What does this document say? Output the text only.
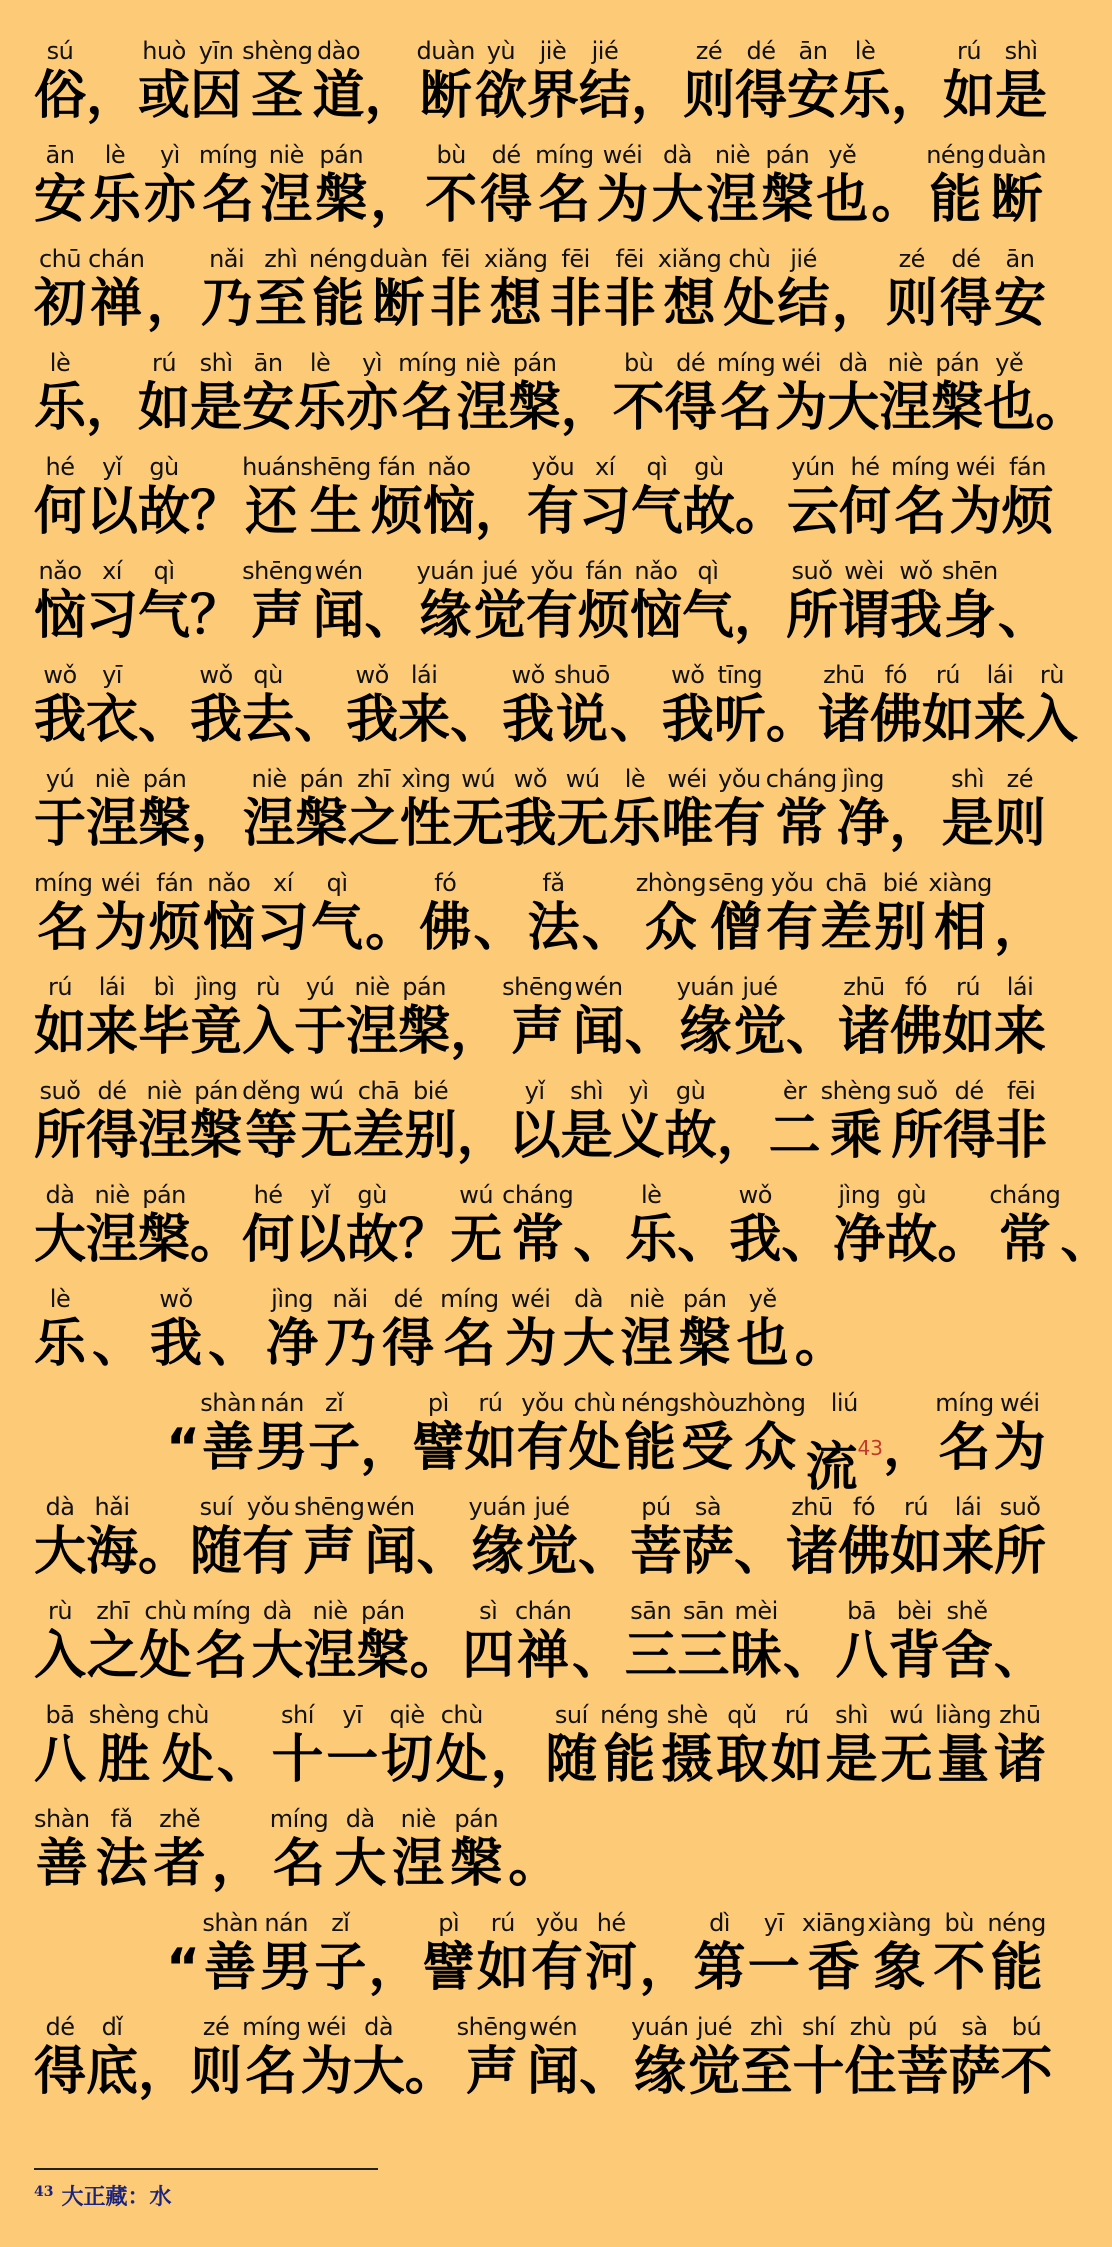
sú
俗 ，
huò
或
yīn
因
shèng
圣
dào
道 ，
duàn
断
yù
欲
jiè
界
jié
结 ，
zé
则
dé
得
ān
安
lè
乐 ，
rú
如
shì
是
ān
安
lè
乐
yì
亦
míng
名
niè
涅
pán
槃 ，
bù
不
dé
得
míng
名
wéi
为
dà
大
niè
涅
pán
槃
yě
也 。
néng
能
duàn
断
chū
初
chán
禅 ，
nǎi
乃
zhì
至
néng
能
duàn
断
fēi
非
xiǎng
想
fēi
非
fēi
非
xiǎng
想
chù
处
jié
结 ，
zé
则
dé
得
ān
安
lè
乐 ，
rú
如
shì
是
ān
安
lè
乐
yì
亦
míng
名
niè
涅
pán
槃 ，
bù
不
dé
得
míng
名
wéi
为
dà
大
niè
涅
pán
槃
yě
也 。
hé
何
yǐ
以
gù
故 ？
huán
还
shēng
生
fán
烦
nǎo
恼 ，
yǒu
有
xí
习
qì
气
gù
故 。
yún
云
hé
何
míng
名
wéi
为
fán
烦
nǎo
恼
xí
习
qì
气 ？
shēng
声
wén
闻 、
yuán
缘
jué
觉
yǒu
有
fán
烦
nǎo
恼
qì
气 ，
suǒ
所
wèi
谓
wǒ
我
shēn
身 、
wǒ
我
yī
衣 、
wǒ
我
qù
去 、
wǒ
我
lái
来 、
wǒ
我
shuō
说 、
wǒ
我
tīng
听 。
zhū
诸
fó
佛
rú
如
lái
来
rù
入
yú
于
niè
涅
pán
槃 ，
niè
涅
pán
槃
zhī
之
xìng
性
wú
无
wǒ
我
wú
无
lè
乐
wéi
唯
yǒu
有
cháng
常
jìng
净 ，
shì
是
zé
则
míng
名
wéi
为
fán
烦
nǎo
恼
xí
习
qì
气 。
fó
佛 、
fǎ
法 、
zhòng
众
sēng
僧
yǒu
有
chā
差
bié
别
xiàng
相 ，
rú
如
lái
来
bì
毕
jìng
竟
rù
入
yú
于
niè
涅
pán
槃 ，
shēng
声
wén
闻 、
yuán
缘
jué
觉 、
zhū
诸
fó
佛
rú
如
lái
来
suǒ
所
dé
得
niè
涅
pán
槃
děng
等
wú
无
chā
差
bié
别 ，
yǐ
以
shì
是
yì
义
gù
故 ，
èr
二
shèng
乘
suǒ
所
dé
得
fēi
非
dà
大
niè
涅
pán
槃 。
hé
何
yǐ
以
gù
故 ？
wú
无
cháng
常 、
lè
乐 、
wǒ
我 、
jìng
净
gù
故 。
cháng
常 、
lè
乐 、
wǒ
我 、
jìng
净
nǎi
乃
dé
得
míng
名
wéi
为
dà
大
niè
涅
pán
槃
yě
也 。
“
shàn
善
nán
男
zǐ
子 ，
pì
譬
rú
如
yǒu
有
chù
处
néng
能
shòu
受
zhòng
众
liú
流$^{43}$ ，
míng
名
wéi
为
dà
大
hǎi
海 。
suí
随
yǒu
有
shēng
声
wén
闻 、
yuán
缘
jué
觉 、
pú
菩
sà
萨 、
zhū
诸
fó
佛
rú
如
lái
来
suǒ
所
rù
入
zhī
之
chù
处
míng
名
dà
大
niè
涅
pán
槃 。
sì
四
chán
禅 、
sān
三
sān
三
mèi
昧 、
bā
八
bèi
背
shě
舍 、
bā
八
shèng
胜
chù
处 、
shí
十
yī
一
qiè
切
chù
处 ，
suí
随
néng
能
shè
摄
qǔ
取
rú
如
shì
是
wú
无
liàng
量
zhū
诸
shàn
善
fǎ
法
zhě
者 ，
míng
名
dà
大
niè
涅
pán
槃 。
“
shàn
善
nán
男
zǐ
子 ，
pì
譬
rú
如
yǒu
有
hé
河 ，
dì
第
yī
一
xiāng
香
xiàng
象
bù
不
néng
能
dé
得
dǐ
底 ，
zé
则
míng
名
wéi
为
dà
大 。
shēng
声
wén
闻 、
yuán
缘
jué
觉
zhì
至
shí
十
zhù
住
pú
菩
sà
萨
bú
不
$^{43}$ 大正藏：水
